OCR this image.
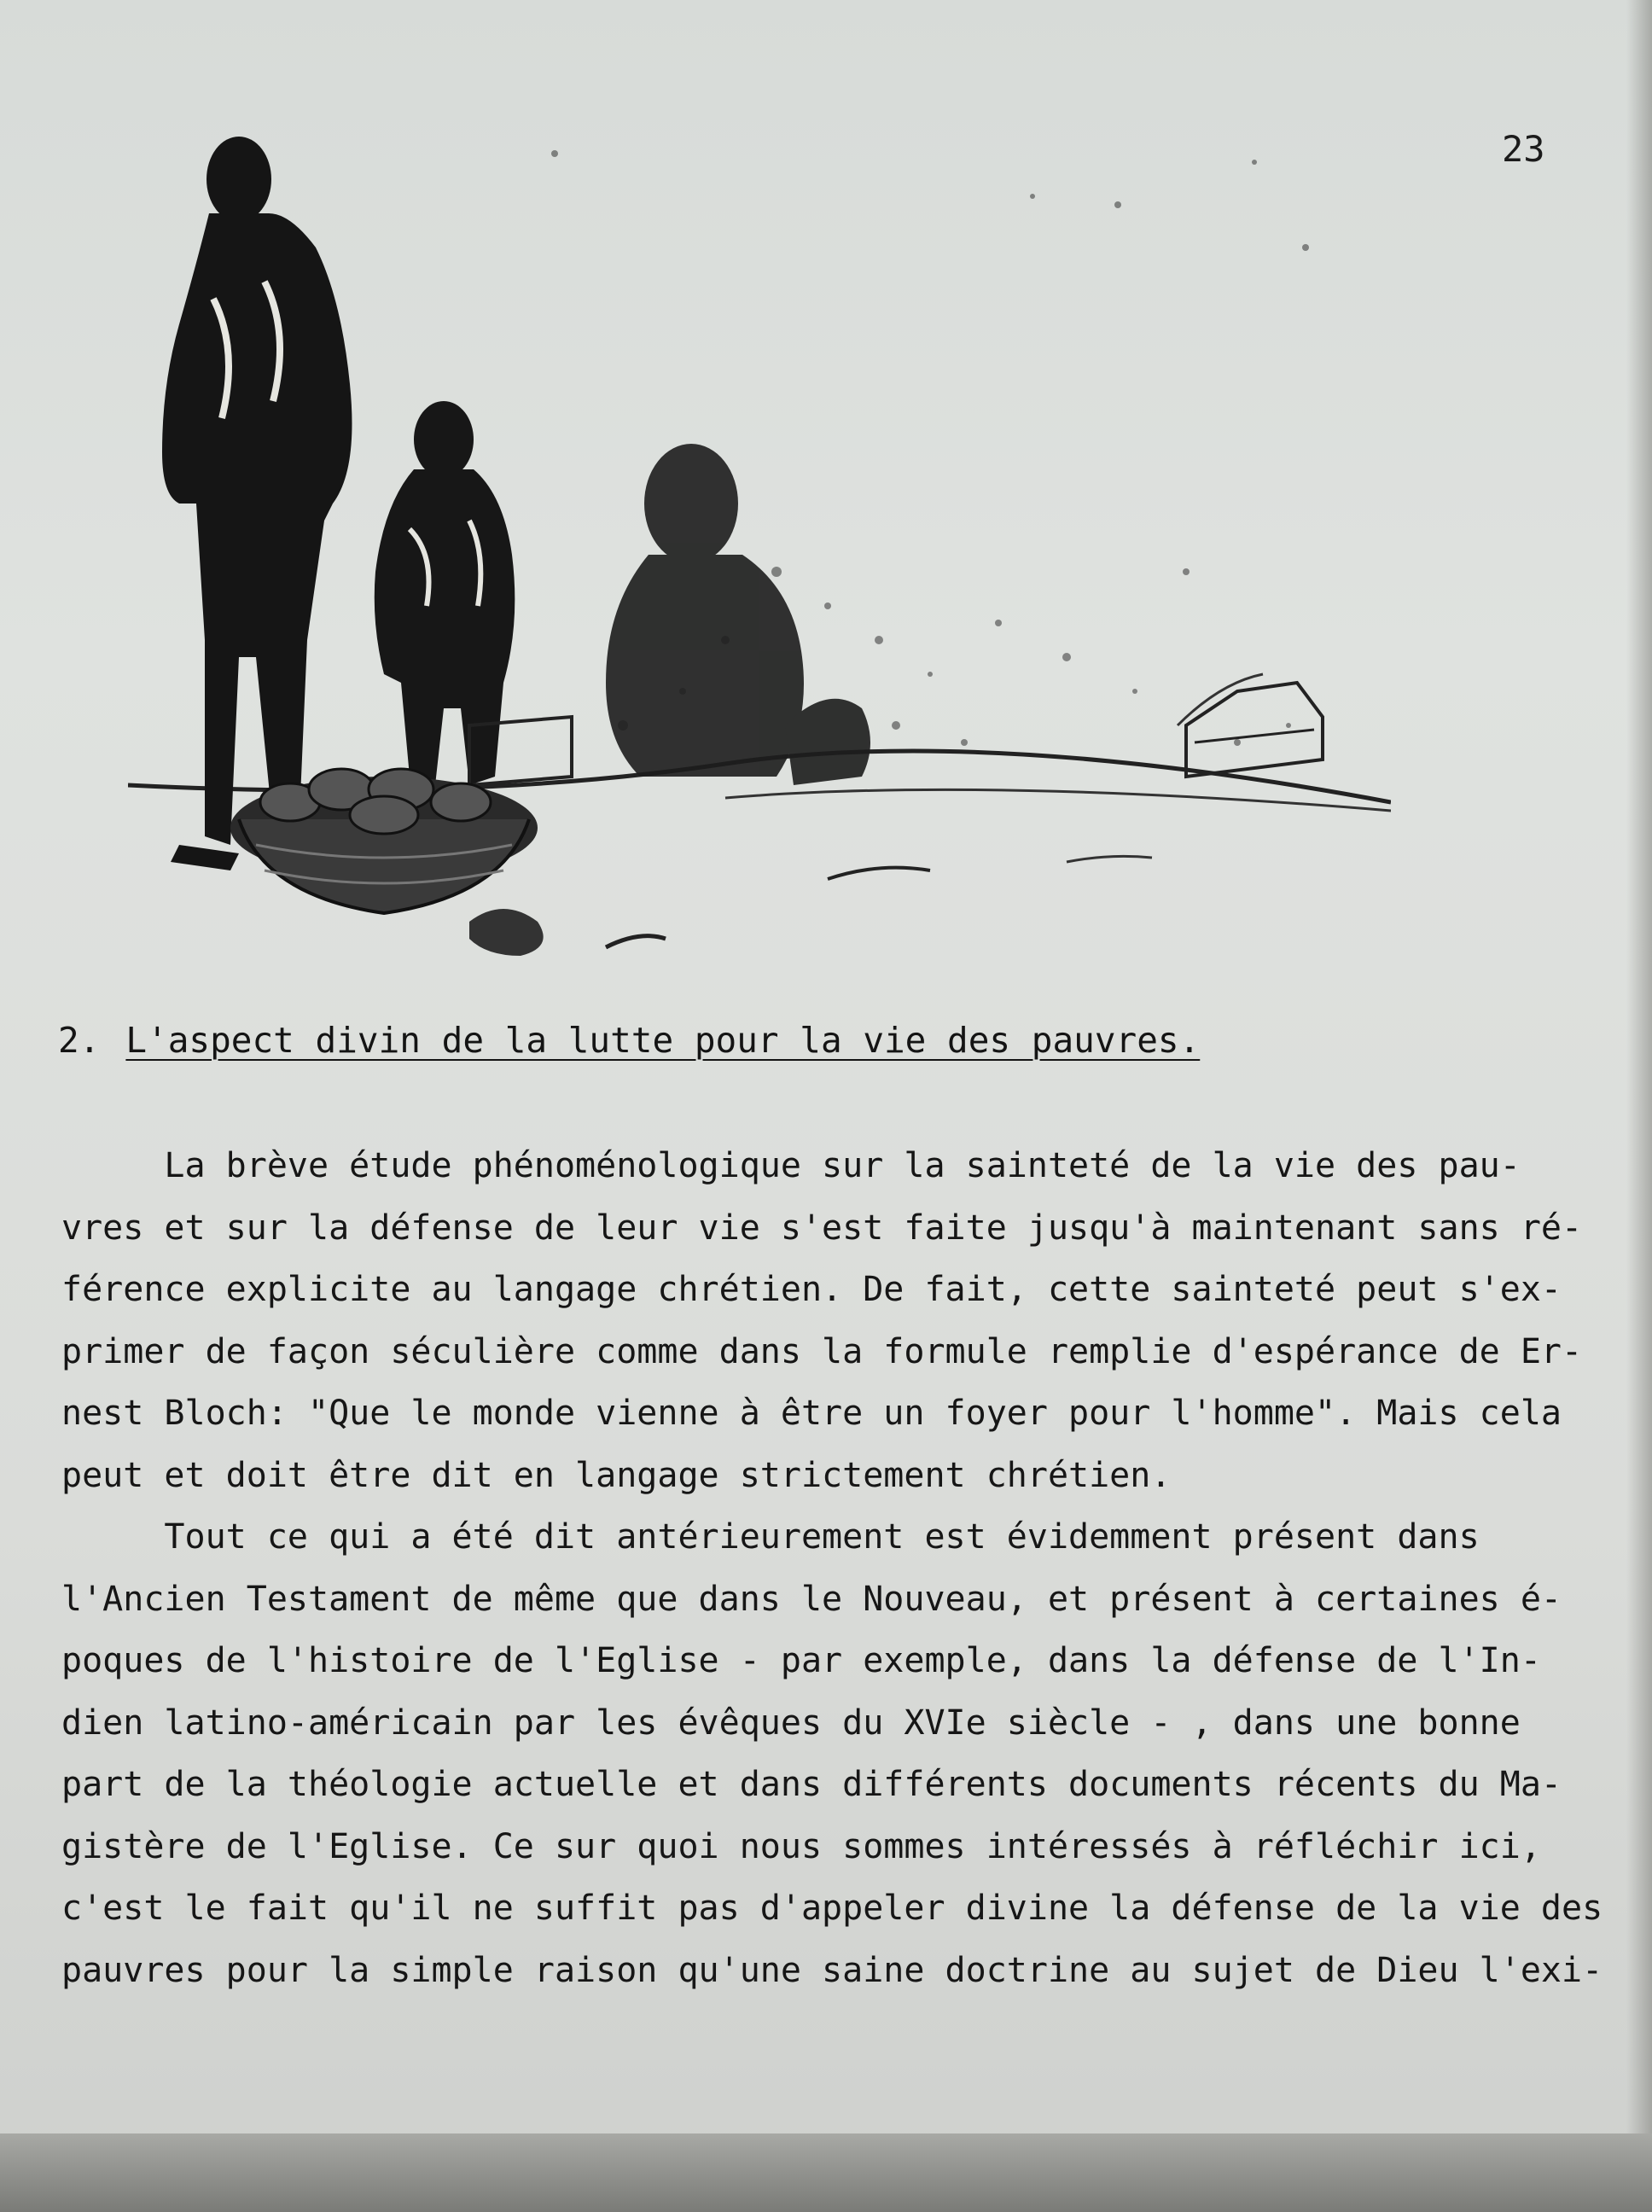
23
2. L'aspect divin de la lutte pour la vie des pauvres.
La brève étude phénoménologique sur la sainteté de la vie des pau-
vres et sur la défense de leur vie s'est faite jusqu'à maintenant sans ré-
férence explicite au langage chrétien. De fait, cette sainteté peut s'ex-
primer de façon séculière comme dans la formule remplie d'espérance de Er-
nest Bloch: "Que le monde vienne à être un foyer pour l'homme". Mais cela
peut et doit être dit en langage strictement chrétien.
Tout ce qui a été dit antérieurement est évidemment présent dans
l'Ancien Testament de même que dans le Nouveau, et présent à certaines é-
poques de l'histoire de l'Eglise - par exemple, dans la défense de l'In-
dien latino-américain par les évêques du XVIe siècle - , dans une bonne
part de la théologie actuelle et dans différents documents récents du Ma-
gistère de l'Eglise. Ce sur quoi nous sommes intéressés à réfléchir ici,
c'est le fait qu'il ne suffit pas d'appeler divine la défense de la vie des
pauvres pour la simple raison qu'une saine doctrine au sujet de Dieu l'exi-
